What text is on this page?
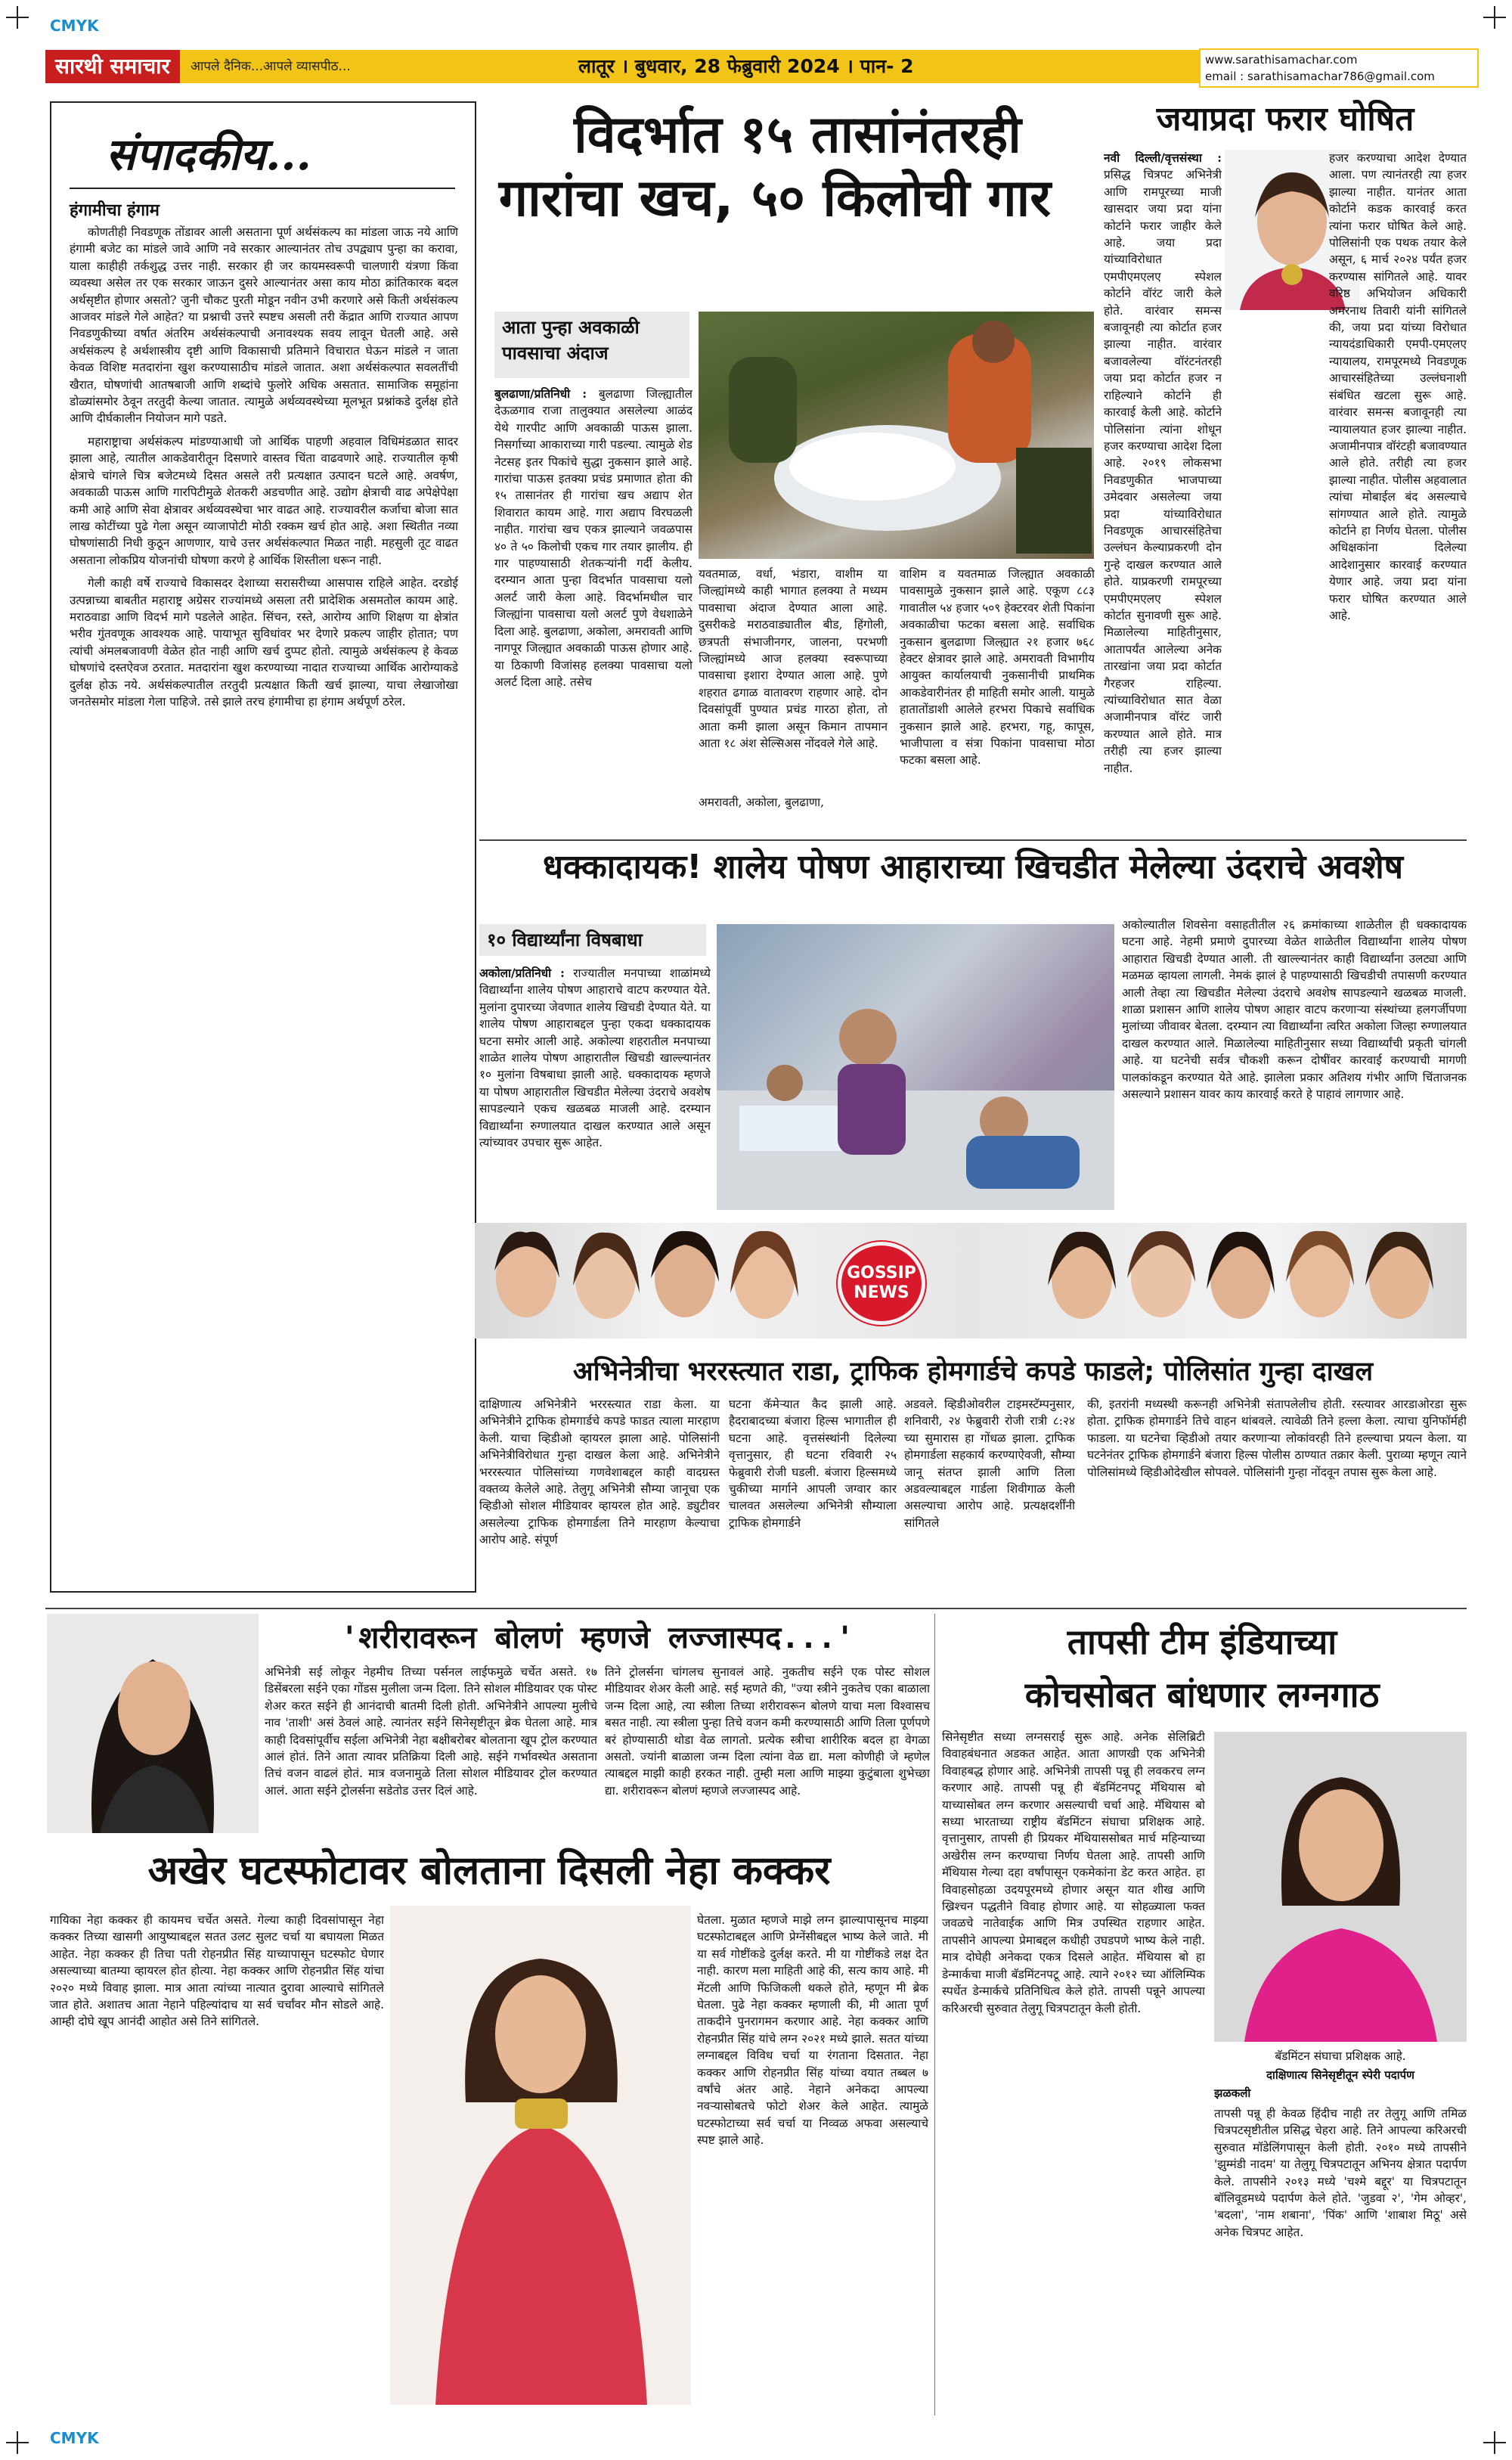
CMYK
CMYK
सारथी समाचार	आपले दैनिक...आपले व्यासपीठ...	लातूर । बुधवार, 28 फेब्रुवारी 2024 । पान- 2	www.sarathisamachar.com
email : sarathisamachar786@gmail.com
संपादकीय...
हंगामीचा हंगाम

कोणतीही निवडणूक तोंडावर आली असताना पूर्ण अर्थसंकल्प का मांडला जाऊ नये आणि हंगामी बजेट का मांडले जावे आणि नवे सरकार आल्यानंतर तोच उपद्व्याप पुन्हा का करावा, याला काहीही तर्कशुद्ध उत्तर नाही. सरकार ही जर कायमस्वरूपी चालणारी यंत्रणा किंवा व्यवस्था असेल तर एक सरकार जाऊन दुसरे आल्यानंतर असा काय मोठा क्रांतिकारक बदल अर्थसृष्टीत होणार असतो? जुनी चौकट पुरती मोडून नवीन उभी करणारे असे किती अर्थसंकल्प आजवर मांडले गेले आहेत? या प्रश्नाची उत्तरे स्पष्टच असली तरी केंद्रात आणि राज्यात आपण निवडणुकीच्या वर्षात अंतरिम अर्थसंकल्पाची अनावश्यक सवय लावून घेतली आहे. असे अर्थसंकल्प हे अर्थशास्त्रीय दृष्टी आणि विकासाची प्रतिमाने विचारात घेऊन मांडले न जाता केवळ विशिष्ट मतदारांना खुश करण्यासाठीच मांडले जातात. अशा अर्थसंकल्पात सवलतींची खैरात, घोषणांची आतषबाजी आणि शब्दांचे फुलोरे अधिक असतात. सामाजिक समूहांना डोळ्यांसमोर ठेवून तरतुदी केल्या जातात. त्यामुळे अर्थव्यवस्थेच्या मूलभूत प्रश्नांकडे दुर्लक्ष होते आणि दीर्घकालीन नियोजन मागे पडते.

महाराष्ट्राचा अर्थसंकल्प मांडण्याआधी जो आर्थिक पाहणी अहवाल विधिमंडळात सादर झाला आहे, त्यातील आकडेवारीतून दिसणारे वास्तव चिंता वाढवणारे आहे. राज्यातील कृषी क्षेत्राचे चांगले चित्र बजेटमध्ये दिसत असले तरी प्रत्यक्षात उत्पादन घटले आहे. अवर्षण, अवकाळी पाऊस आणि गारपिटीमुळे शेतकरी अडचणीत आहे. उद्योग क्षेत्राची वाढ अपेक्षेपेक्षा कमी आहे आणि सेवा क्षेत्रावर अर्थव्यवस्थेचा भार वाढत आहे. राज्यावरील कर्जाचा बोजा सात लाख कोटींच्या पुढे गेला असून व्याजापोटी मोठी रक्कम खर्च होत आहे. अशा स्थितीत नव्या घोषणांसाठी निधी कुठून आणणार, याचे उत्तर अर्थसंकल्पात मिळत नाही. महसुली तूट वाढत असताना लोकप्रिय योजनांची घोषणा करणे हे आर्थिक शिस्तीला धरून नाही.

गेली काही वर्षे राज्याचे विकासदर देशाच्या सरासरीच्या आसपास राहिले आहेत. दरडोई उत्पन्नाच्या बाबतीत महाराष्ट्र अग्रेसर राज्यांमध्ये असला तरी प्रादेशिक असमतोल कायम आहे. मराठवाडा आणि विदर्भ मागे पडलेले आहेत. सिंचन, रस्ते, आरोग्य आणि शिक्षण या क्षेत्रांत भरीव गुंतवणूक आवश्यक आहे. पायाभूत सुविधांवर भर देणारे प्रकल्प जाहीर होतात; पण त्यांची अंमलबजावणी वेळेत होत नाही आणि खर्च दुप्पट होतो. त्यामुळे अर्थसंकल्प हे केवळ घोषणांचे दस्तऐवज ठरतात. मतदारांना खुश करण्याच्या नादात राज्याच्या आर्थिक आरोग्याकडे दुर्लक्ष होऊ नये. अर्थसंकल्पातील तरतुदी प्रत्यक्षात किती खर्च झाल्या, याचा लेखाजोखा जनतेसमोर मांडला गेला पाहिजे. तसे झाले तरच हंगामीचा हा हंगाम अर्थपूर्ण ठरेल.

विदर्भात १५ तासांनंतरही
गारांचा खच, ५० किलोची गार
आता पुन्हा अवकाळी
पावसाचा अंदाज
बुलढाणा/प्रतिनिधी : बुलढाणा जिल्ह्यातील देऊळगाव राजा तालुक्यात असलेल्या आळंद येथे गारपीट आणि अवकाळी पाऊस झाला. निसर्गाच्या आकाराच्या गारी पडल्या. त्यामुळे शेड नेटसह इतर पिकांचे सुद्धा नुकसान झाले आहे. गारांचा पाऊस इतक्या प्रचंड प्रमाणात होता की १५ तासानंतर ही गारांचा खच अद्याप शेत शिवारात कायम आहे. गारा अद्याप विरघळली नाहीत. गारांचा खच एकत्र झाल्याने जवळपास ४० ते ५० किलोची एकच गार तयार झालीय. ही गार पाहण्यासाठी शेतकऱ्यांनी गर्दी केलीय. दरम्यान आता पुन्हा विदर्भात पावसाचा यलो अलर्ट जारी केला आहे. विदर्भामधील चार जिल्ह्यांना पावसाचा यलो अलर्ट पुणे वेधशाळेने दिला आहे. बुलढाणा, अकोला, अमरावती आणि नागपूर जिल्ह्यात अवकाळी पाऊस होणार आहे. या ठिकाणी विजांसह हलक्या पावसाचा यलो अलर्ट दिला आहे. तसेच
यवतमाळ, वर्धा, भंडारा, वाशीम या जिल्ह्यांमध्ये काही भागात हलक्या ते मध्यम पावसाचा अंदाज देण्यात आला आहे. दुसरीकडे मराठवाड्यातील बीड, हिंगोली, छत्रपती संभाजीनगर, जालना, परभणी जिल्ह्यांमध्ये आज हलक्या स्वरूपाच्या पावसाचा इशारा देण्यात आला आहे. पुणे शहरात ढगाळ वातावरण राहणार आहे. दोन दिवसांपूर्वी पुण्यात प्रचंड गारठा होता, तो आता कमी झाला असून किमान तापमान आता १८ अंश सेल्सिअस नोंदवले गेले आहे.
अमरावती, अकोला, बुलढाणा,
वाशिम व यवतमाळ जिल्ह्यात अवकाळी पावसामुळे नुकसान झाले आहे. एकूण ८८३ गावातील ५४ हजार ५०९ हेक्टरवर शेती पिकांना अवकाळीचा फटका बसला आहे. सर्वाधिक नुकसान बुलढाणा जिल्ह्यात २१ हजार ७६८ हेक्टर क्षेत्रावर झाले आहे. अमरावती विभागीय आयुक्त कार्यालयाची नुकसानीची प्राथमिक आकडेवारीनंतर ही माहिती समोर आली. यामुळे हातातोंडाशी आलेले हरभरा पिकाचे सर्वाधिक नुकसान झाले आहे. हरभरा, गहू, कापूस, भाजीपाला व संत्रा पिकांना पावसाचा मोठा फटका बसला आहे.
जयाप्रदा फरार घोषित
नवी दिल्ली/वृत्तसंस्था : प्रसिद्ध चित्रपट अभिनेत्री आणि रामपूरच्या माजी खासदार जया प्रदा यांना कोर्टाने फरार जाहीर केले आहे. जया प्रदा यांच्याविरोधात एमपीएमएलए स्पेशल कोर्टाने वॉरंट जारी केले होते. वारंवार समन्स बजावूनही त्या कोर्टात हजर झाल्या नाहीत. वारंवार बजावलेल्या वॉरंटनंतरही जया प्रदा कोर्टात हजर न राहिल्याने कोर्टाने ही कारवाई केली आहे. कोर्टाने पोलिसांना त्यांना शोधून हजर करण्याचा आदेश दिला आहे. २०१९ लोकसभा निवडणुकीत भाजपाच्या उमेदवार असलेल्या जया प्रदा यांच्याविरोधात निवडणूक आचारसंहितेचा उल्लंघन केल्याप्रकरणी दोन गुन्हे दाखल करण्यात आले होते. याप्रकरणी रामपूरच्या एमपीएमएलए स्पेशल कोर्टात सुनावणी सुरू आहे. मिळालेल्या माहितीनुसार, आतापर्यंत आलेल्या अनेक तारखांना जया प्रदा कोर्टात गैरहजर राहिल्या. त्यांच्याविरोधात सात वेळा अजामीनपात्र वॉरंट जारी करण्यात आले होते. मात्र तरीही त्या हजर झाल्या नाहीत.
हजर करण्याचा आदेश देण्यात आला. पण त्यानंतरही त्या हजर झाल्या नाहीत. यानंतर आता कोर्टाने कडक कारवाई करत त्यांना फरार घोषित केले आहे. पोलिसांनी एक पथक तयार केले असून, ६ मार्च २०२४ पर्यंत हजर करण्यास सांगितले आहे. यावर वरिष्ठ अभियोजन अधिकारी अमरनाथ तिवारी यांनी सांगितले की, जया प्रदा यांच्या विरोधात न्यायदंडाधिकारी एमपी-एमएलए न्यायालय, रामपूरमध्ये निवडणूक आचारसंहितेच्या उल्लंघनाशी संबंधित खटला सुरू आहे. वारंवार समन्स बजावूनही त्या न्यायालयात हजर झाल्या नाहीत. अजामीनपात्र वॉरंटही बजावण्यात आले होते. तरीही त्या हजर झाल्या नाहीत. पोलीस अहवालात त्यांचा मोबाईल बंद असल्याचे सांगण्यात आले होते. त्यामुळे कोर्टाने हा निर्णय घेतला. पोलीस अधिक्षकांना दिलेल्या आदेशानुसार कारवाई करण्यात येणार आहे. जया प्रदा यांना फरार घोषित करण्यात आले आहे.
धक्कादायक! शालेय पोषण आहाराच्या खिचडीत मेलेल्या उंदराचे अवशेष
१० विद्यार्थ्यांना विषबाधा
अकोला/प्रतिनिधी : राज्यातील मनपाच्या शाळांमध्ये विद्यार्थ्यांना शालेय पोषण आहाराचे वाटप करण्यात येते. मुलांना दुपारच्या जेवणात शालेय खिचडी देण्यात येते. या शालेय पोषण आहाराबद्दल पुन्हा एकदा धक्कादायक घटना समोर आली आहे. अकोल्या शहरातील मनपाच्या शाळेत शालेय पोषण आहारातील खिचडी खाल्ल्यानंतर १० मुलांना विषबाधा झाली आहे. धक्कादायक म्हणजे या पोषण आहारातील खिचडीत मेलेल्या उंदराचे अवशेष सापडल्याने एकच खळबळ माजली आहे. दरम्यान विद्यार्थ्यांना रुग्णालयात दाखल करण्यात आले असून त्यांच्यावर उपचार सुरू आहेत.
अकोल्यातील शिवसेना वसाहतीतील २६ क्रमांकाच्या शाळेतील ही धक्कादायक घटना आहे. नेहमी प्रमाणे दुपारच्या वेळेत शाळेतील विद्यार्थ्यांना शालेय पोषण आहारात खिचडी देण्यात आली. ती खाल्ल्यानंतर काही विद्यार्थ्यांना उलट्या आणि मळमळ व्हायला लागली. नेमकं झालं हे पाहण्यासाठी खिचडीची तपासणी करण्यात आली तेव्हा त्या खिचडीत मेलेल्या उंदराचे अवशेष सापडल्याने खळबळ माजली. शाळा प्रशासन आणि शालेय पोषण आहार वाटप करणाऱ्या संस्थांच्या हलगर्जीपणा मुलांच्या जीवावर बेतला. दरम्यान त्या विद्यार्थ्यांना त्वरित अकोला जिल्हा रुग्णालयात दाखल करण्यात आले. मिळालेल्या माहितीनुसार सध्या विद्यार्थ्यांची प्रकृती चांगली आहे. या घटनेची सर्वत्र चौकशी करून दोषींवर कारवाई करण्याची मागणी पालकांकडून करण्यात येते आहे. झालेला प्रकार अतिशय गंभीर आणि चिंताजनक असल्याने प्रशासन यावर काय कारवाई करते हे पाहावं लागणार आहे.
GOSSIP
NEWS
अभिनेत्रीचा भररस्त्यात राडा, ट्राफिक होमगार्डचे कपडे फाडले; पोलिसांत गुन्हा दाखल
दाक्षिणात्य अभिनेत्रीने भररस्त्यात राडा केला. या अभिनेत्रीने ट्राफिक होमगार्डचे कपडे फाडत त्याला मारहाण केली. याचा व्हिडीओ व्हायरल झाला आहे. पोलिसांनी अभिनेत्रीविरोधात गुन्हा दाखल केला आहे. अभिनेत्रीने भररस्त्यात पोलिसांच्या गणवेशाबद्दल काही वादग्रस्त वक्तव्य केलेले आहे. तेलुगू अभिनेत्री सौम्या जानूचा एक व्हिडीओ सोशल मीडियावर व्हायरल होत आहे. ड्युटीवर असलेल्या ट्राफिक होमगार्डला तिने मारहाण केल्याचा आरोप आहे. संपूर्ण
घटना कॅमेऱ्यात कैद झाली आहे. हैदराबादच्या बंजारा हिल्स भागातील ही घटना आहे. वृत्तसंस्थांनी दिलेल्या वृत्तानुसार, ही घटना रविवारी २५ फेब्रुवारी रोजी घडली. बंजारा हिल्समध्ये चुकीच्या मार्गाने आपली जग्वार कार चालवत असलेल्या अभिनेत्री सौम्याला ट्राफिक होमगार्डने
अडवले. व्हिडीओवरील टाइमस्टॅम्पनुसार, शनिवारी, २४ फेब्रुवारी रोजी रात्री ८:२४ च्या सुमारास हा गोंधळ झाला. ट्राफिक होमगार्डला सहकार्य करण्याऐवजी, सौम्या जानू संतप्त झाली आणि तिला अडवल्याबद्दल गार्डला शिवीगाळ केली असल्याचा आरोप आहे. प्रत्यक्षदर्शींनी सांगितले
की, इतरांनी मध्यस्थी करूनही अभिनेत्री संतापलेलीच होती. रस्त्यावर आरडाओरडा सुरू होता. ट्राफिक होमगार्डने तिचे वाहन थांबवले. त्यावेळी तिने हल्ला केला. त्याचा युनिफॉर्मही फाडला. या घटनेचा व्हिडीओ तयार करणाऱ्या लोकांवरही तिने हल्ल्याचा प्रयत्न केला. या घटनेनंतर ट्राफिक होमगार्डने बंजारा हिल्स पोलीस ठाण्यात तक्रार केली. पुराव्या म्हणून त्याने पोलिसांमध्ये व्हिडीओदेखील सोपवले. पोलिसांनी गुन्हा नोंदवून तपास सुरू केला आहे.
'शरीरावरून बोलणं म्हणजे लज्जास्पद...'
अभिनेत्री सई लोकूर नेहमीच तिच्या पर्सनल लाईफमुळे चर्चेत असते. १७ डिसेंबरला सईने एका गोंडस मुलीला जन्म दिला. तिने सोशल मीडियावर एक पोस्ट शेअर करत सईने ही आनंदाची बातमी दिली होती. अभिनेत्रीने आपल्या मुलीचे नाव 'ताशी' असं ठेवलं आहे. त्यानंतर सईने सिनेसृष्टीतून ब्रेक घेतला आहे. मात्र काही दिवसांपूर्वीच सईला अभिनेत्री नेहा बक्षीबरोबर बोलताना खूप ट्रोल करण्यात आलं होतं. तिने आता त्यावर प्रतिक्रिया दिली आहे. सईने गर्भावस्थेत असताना तिचं वजन वाढलं होतं. मात्र वजनामुळे तिला सोशल मीडियावर ट्रोल करण्यात आलं. आता सईने ट्रोलर्सना सडेतोड उत्तर दिलं आहे.
तिने ट्रोलर्सना चांगलच सुनावलं आहे. नुकतीच सईने एक पोस्ट सोशल मीडियावर शेअर केली आहे. सई म्हणते की, "ज्या स्त्रीने नुकतेच एका बाळाला जन्म दिला आहे, त्या स्त्रीला तिच्या शरीरावरून बोलणे याचा मला विश्वासच बसत नाही. त्या स्त्रीला पुन्हा तिचे वजन कमी करण्यासाठी आणि तिला पूर्णपणे बरं होण्यासाठी थोडा वेळ लागतो. प्रत्येक स्त्रीचा शारीरिक बदल हा वेगळा असतो. ज्यांनी बाळाला जन्म दिला त्यांना वेळ द्या. मला कोणीही जे म्हणेल त्याबद्दल माझी काही हरकत नाही. तुम्ही मला आणि माझ्या कुटुंबाला शुभेच्छा द्या. शरीरावरून बोलणं म्हणजे लज्जास्पद आहे.
तापसी टीम इंडियाच्या
कोचसोबत बांधणार लग्नगाठ
सिनेसृष्टीत सध्या लग्नसराई सुरू आहे. अनेक सेलिब्रिटी विवाहबंधनात अडकत आहेत. आता आणखी एक अभिनेत्री विवाहबद्ध होणार आहे. अभिनेत्री तापसी पन्नू ही लवकरच लग्न करणार आहे. तापसी पन्नू ही बॅडमिंटनपटू मॅथियास बो याच्यासोबत लग्न करणार असल्याची चर्चा आहे. मॅथियास बो सध्या भारताच्या राष्ट्रीय बॅडमिंटन संघाचा प्रशिक्षक आहे. वृत्तानुसार, तापसी ही प्रियकर मॅथियाससोबत मार्च महिन्याच्या अखेरीस लग्न करण्याचा निर्णय घेतला आहे. तापसी आणि मॅथियास गेल्या दहा वर्षांपासून एकमेकांना डेट करत आहेत. हा विवाहसोहळा उदयपूरमध्ये होणार असून यात शीख आणि ख्रिश्चन पद्धतीने विवाह होणार आहे. या सोहळ्याला फक्त जवळचे नातेवाईक आणि मित्र उपस्थित राहणार आहेत. तापसीने आपल्या प्रेमाबद्दल कधीही उघडपणे भाष्य केले नाही. मात्र दोघेही अनेकदा एकत्र दिसले आहेत. मॅथियास बो हा डेन्मार्कचा माजी बॅडमिंटनपटू आहे. त्याने २०१२ च्या ऑलिम्पिक स्पर्धेत डेन्मार्कचे प्रतिनिधित्व केले होते. तापसी पन्नूने आपल्या करिअरची सुरुवात तेलुगू चित्रपटातून केली होती.
बॅडमिंटन संघाचा प्रशिक्षक आहे.
दाक्षिणात्य सिनेसृष्टीतून स्पेरी पदार्पण
झळकली
तापसी पन्नू ही केवळ हिंदीच नाही तर तेलुगू आणि तमिळ चित्रपटसृष्टीतील प्रसिद्ध चेहरा आहे. तिने आपल्या करिअरची सुरुवात मॉडेलिंगपासून केली होती. २०१० मध्ये तापसीने 'झुम्मंडी नादम' या तेलुगू चित्रपटातून अभिनय क्षेत्रात पदार्पण केले. तापसीने २०१३ मध्ये 'चश्मे बद्दूर' या चित्रपटातून बॉलिवूडमध्ये पदार्पण केले होते. 'जुडवा २', 'गेम ओव्हर', 'बदला', 'नाम शबाना', 'पिंक' आणि 'शाबाश मिठू' असे अनेक चित्रपट आहेत.
अखेर घटस्फोटावर बोलताना दिसली नेहा कक्कर
गायिका नेहा कक्कर ही कायमच चर्चेत असते. गेल्या काही दिवसांपासून नेहा कक्कर तिच्या खासगी आयुष्याबद्दल सतत उलट सुलट चर्चा या बघायला मिळत आहेत. नेहा कक्कर ही तिचा पती रोहनप्रीत सिंह याच्यापासून घटस्फोट घेणार असल्याच्या बातम्या व्हायरल होत होत्या. नेहा कक्कर आणि रोहनप्रीत सिंह यांचा २०२० मध्ये विवाह झाला. मात्र आता त्यांच्या नात्यात दुरावा आल्याचे सांगितले जात होते. अशातच आता नेहाने पहिल्यांदाच या सर्व चर्चांवर मौन सोडले आहे. आम्ही दोघे खूप आनंदी आहोत असे तिने सांगितले.
घेतला. मुळात म्हणजे माझे लग्न झाल्यापासूनच माझ्या घटस्फोटाबद्दल आणि प्रेग्नेंसीबद्दल भाष्य केले जाते. मी या सर्व गोष्टींकडे दुर्लक्ष करते. मी या गोष्टींकडे लक्ष देत नाही. कारण मला माहिती आहे की, सत्य काय आहे. मी मेंटली आणि फिजिकली थकले होते, म्हणून मी ब्रेक घेतला. पुढे नेहा कक्कर म्हणाली की, मी आता पूर्ण ताकदीने पुनरागमन करणार आहे. नेहा कक्कर आणि रोहनप्रीत सिंह यांचे लग्न २०२१ मध्ये झाले. सतत यांच्या लग्नाबद्दल विविध चर्चा या रंगताना दिसतात. नेहा कक्कर आणि रोहनप्रीत सिंह यांच्या वयात तब्बल ७ वर्षांचे अंतर आहे. नेहाने अनेकदा आपल्या नवऱ्यासोबतचे फोटो शेअर केले आहेत. त्यामुळे घटस्फोटाच्या सर्व चर्चा या निव्वळ अफवा असल्याचे स्पष्ट झाले आहे.
